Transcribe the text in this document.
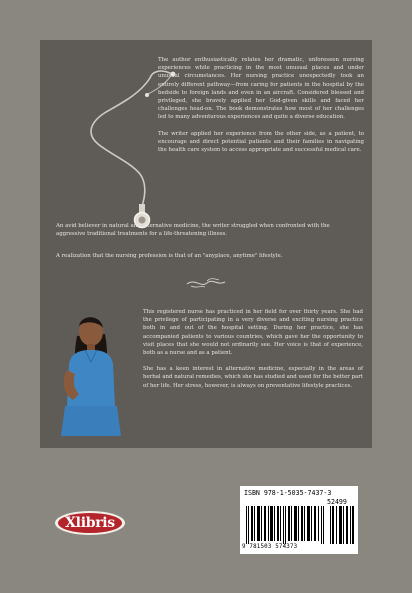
The author enthusiastically relates her dramatic, unforeseen nursing experiences while practicing in the most unusual places and under unusual circumstances. Her nursing practice unexpectedly took an entirely different pathway—from caring for patients in the hospital by the bedside to foreign lands and even in an aircraft. Considered blessed and privileged, she bravely applied her God-given skills and faced her challenges head-on. The book demonstrates how most of her challenges led to many adventurous experiences and quite a diverse education.

The writer applied her experience from the other side, as a patient, to encourage and direct potential patients and their families in navigating the health care system to access appropriate and successful medical care.

An avid believer in natural and alternative medicine, the writer struggled when confronted with the aggressive traditional treatments for a life-threatening illness.

A realization that the nursing profession is that of an "anyplace, anytime" lifestyle.

This registered nurse has practiced in her field for over thirty years. She had the privilege of participating in a very diverse and exciting nursing practice both in and out of the hospital setting. During her practice, she has accompanied patients to various countries, which gave her the opportunity to visit places that she would not ordinarily see. Her voice is that of experience, both as a nurse and as a patient.

She has a keen interest in alternative medicine, especially in the areas of herbal and natural remedies, which she has studied and used for the better part of her life. Her stress, however, is always on preventative lifestyle practices.

Xlibris
ISBN 978-1-5035-7437-3
52499
9 781503 574373
